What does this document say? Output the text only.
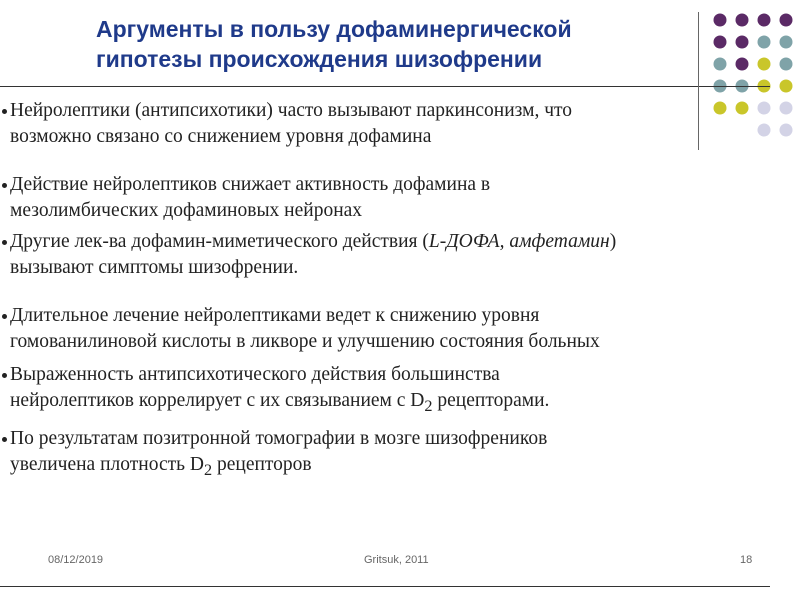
Аргументы в пользу дофаминергической
гипотезы происхождения шизофрении
Нейролептики (антипсихотики) часто вызывают паркинсонизм, что
возможно связано со снижением уровня дофамина
Действие нейролептиков снижает активность дофамина в
мезолимбических дофаминовых нейронах
Другие лек-ва дофамин-миметического действия (L-ДОФА, амфетамин)
вызывают симптомы шизофрении.
Длительное лечение нейролептиками ведет к снижению уровня
гомованилиновой кислоты в ликворе и улучшению состояния больных
Выраженность антипсихотического действия большинства
нейролептиков коррелирует с их связыванием с $D_2$ рецепторами.
По результатам позитронной томографии в мозге шизофреников
увеличена плотность $D_2$ рецепторов
08/12/2019	Gritsuk, 2011	18
